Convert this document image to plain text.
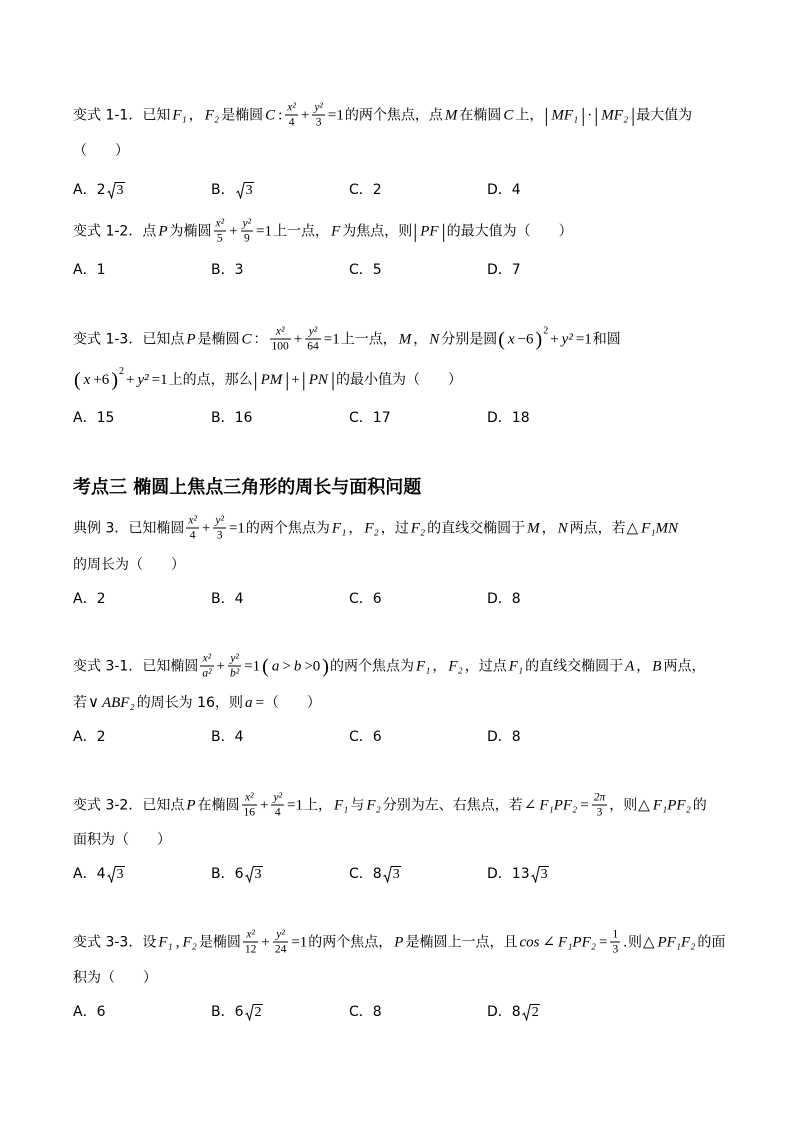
变式 1-1．已知 F₁ ， F₂ 是椭圆 C : $\frac{\text{x²}}{4} + \frac{\text{y²}}{3} =1$ 的两个焦点，点 M 在椭圆 C 上， | MF₁ | · | MF₂ | 最大值为
（　　）
A． 2 3	B． 3	C． 2	D． 4
变式 1-2．点 P 为椭圆 $\frac{\text{x²}}{5} + \frac{\text{y²}}{9} =1$ 上一点， F 为焦点，则 | PF | 的最大值为（　　）
A． 1	B． 3	C． 5	D． 7
变式 1-3．已知点 P 是椭圆 C ： $\frac{\text{x²}}{100} + \frac{\text{y²}}{64} =1$ 上一点， M ， N 分别是圆 ( x −6 ) 2
+ y² =1 和圆
( x +6 ) 2
+ y² =1 上的点，那么 | PM | + | PN | 的最小值为（　　）
A． 15	B． 16	C． 17	D． 18
考点三 椭圆上焦点三角形的周长与面积问题
典例 3．已知椭圆 $\frac{\text{x²}}{4} + \frac{\text{y²}}{3} =1$ 的两个焦点为 F₁ ， F₂ ，过 F₂ 的直线交椭圆于 M ， N 两点，若 △ F₁MN
的周长为（　　）
A． 2	B． 4	C． 6	D． 8
变式 3-1．已知椭圆 $\frac{\text{x²}}{\text{a²}} + \frac{\text{y²}}{\text{b²}} =1$ ( a > b >0 ) 的两个焦点为 F₁ ， F₂ ，过点 F₁ 的直线交椭圆于 A ， B 两点，
若 ∨ ABF₂ 的周长为 16，则 a = （　　）
A． 2	B． 4	C． 6	D． 8
变式 3-2．已知点 P 在椭圆 $\frac{\text{x²}}{16} + \frac{\text{y²}}{4} =1$ 上， F₁ 与 F₂ 分别为左、右焦点，若 ∠ $F_1PF_2 = \frac{2\pi}{3}$ ，则 △ F₁PF₂ 的
面积为（　　）
A． 4 3	B． 6 3	C． 8 3	D． 13 3
变式 3-3．设 F₁ , F₂ 是椭圆 $\frac{\text{x²}}{12} + \frac{\text{y²}}{24} =1$ 的两个焦点， P 是椭圆上一点，且 cos ∠ $F_1PF_2 = \frac{1}{3}$ . 则 △ PF₁F₂ 的面
积为（　　）
A． 6	B． 6 2	C． 8	D． 8 2
